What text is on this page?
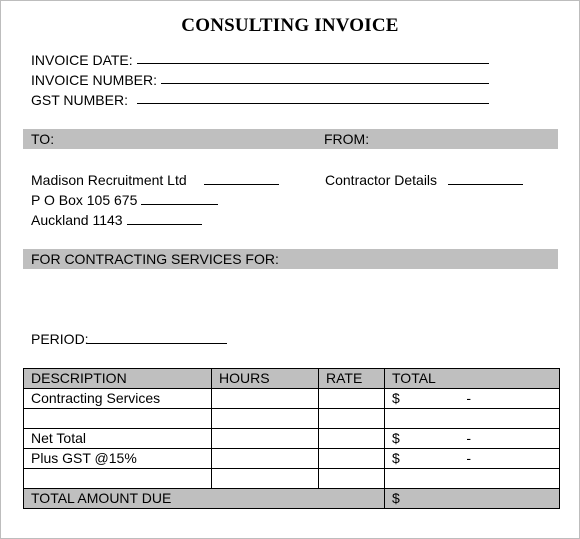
CONSULTING INVOICE
INVOICE DATE:
INVOICE NUMBER:
GST NUMBER:
TO:	FROM:
Madison Recruitment Ltd
P O Box 105 675
Auckland 1143
Contractor Details
FOR CONTRACTING SERVICES FOR:
PERIOD:
DESCRIPTION	HOURS	RATE	TOTAL
Contracting Services			$ -

Net Total			$ -

Plus GST @15%			$ -

TOTAL AMOUNT DUE			$
